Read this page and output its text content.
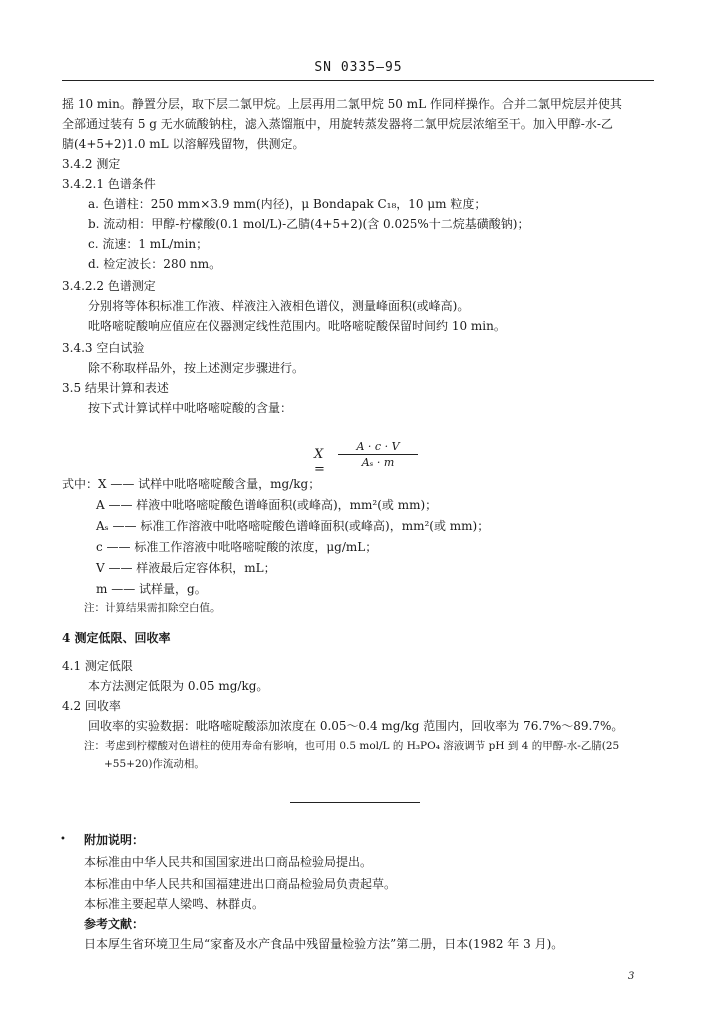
SN 0335—95
摇 10 min。静置分层，取下层二氯甲烷。上层再用二氯甲烷 50 mL 作同样操作。合并二氯甲烷层并使其
全部通过装有 5 g 无水硫酸钠柱，滤入蒸馏瓶中，用旋转蒸发器将二氯甲烷层浓缩至干。加入甲醇-水-乙
腈(4+5+2)1.0 mL 以溶解残留物，供测定。
3.4.2 测定
3.4.2.1 色谱条件
a. 色谱柱：250 mm×3.9 mm(内径)，μ Bondapak C₁₈，10 μm 粒度；
b. 流动相：甲醇-柠檬酸(0.1 mol/L)-乙腈(4+5+2)(含 0.025%十二烷基磺酸钠)；
c. 流速：1 mL/min；
d. 检定波长：280 nm。
3.4.2.2 色谱测定
分别将等体积标准工作液、样液注入液相色谱仪，测量峰面积(或峰高)。
吡咯嘧啶酸响应值应在仪器测定线性范围内。吡咯嘧啶酸保留时间约 10 min。
3.4.3 空白试验
除不称取样品外，按上述测定步骤进行。
3.5 结果计算和表述
按下式计算试样中吡咯嘧啶酸的含量：
X =
$\frac{A \cdot c \cdot V}{\text{Aₛ · m}}$
式中：X —— 试样中吡咯嘧啶酸含量，mg/kg；
A —— 样液中吡咯嘧啶酸色谱峰面积(或峰高)，mm²(或 mm)；
Aₛ —— 标准工作溶液中吡咯嘧啶酸色谱峰面积(或峰高)，mm²(或 mm)；
c —— 标准工作溶液中吡咯嘧啶酸的浓度，μg/mL；
V —— 样液最后定容体积，mL；
m —— 试样量，g。
注：计算结果需扣除空白值。
4 测定低限、回收率
4.1 测定低限
本方法测定低限为 0.05 mg/kg。
4.2 回收率
回收率的实验数据：吡咯嘧啶酸添加浓度在 0.05～0.4 mg/kg 范围内，回收率为 76.7%～89.7%。
注：考虑到柠檬酸对色谱柱的使用寿命有影响，也可用 0.5 mol/L 的 H₃PO₄ 溶液调节 pH 到 4 的甲醇-水-乙腈(25
+55+20)作流动相。
• 附加说明：
本标准由中华人民共和国国家进出口商品检验局提出。
本标准由中华人民共和国福建进出口商品检验局负责起草。
本标准主要起草人梁鸣、林群贞。
参考文献：
日本厚生省环境卫生局“家畜及水产食品中残留量检验方法”第二册，日本(1982 年 3 月)。
3
